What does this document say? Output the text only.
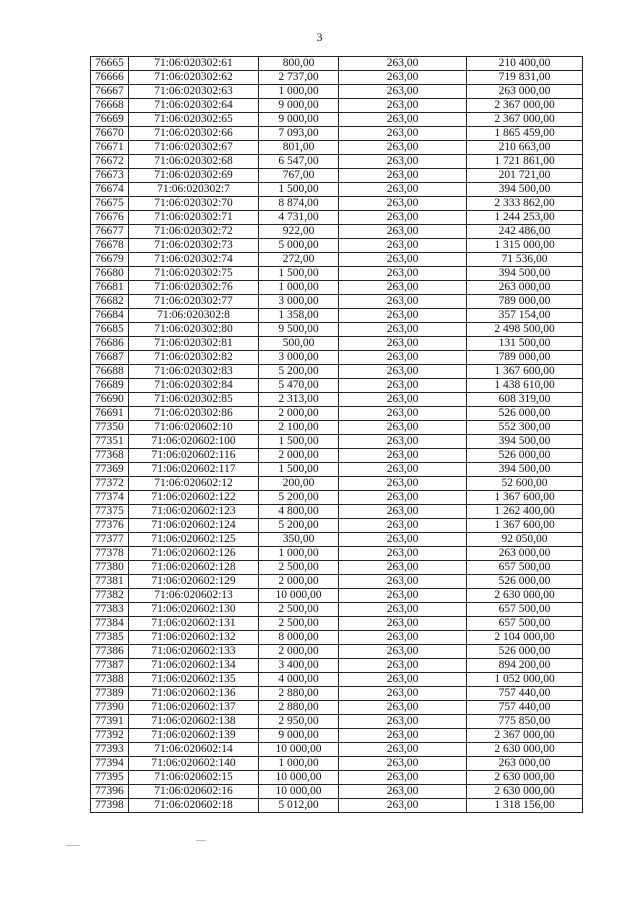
3
76665	71:06:020302:61	800,00	263,00	210 400,00
76666	71:06:020302:62	2 737,00	263,00	719 831,00
76667	71:06:020302:63	1 000,00	263,00	263 000,00
76668	71:06:020302:64	9 000,00	263,00	2 367 000,00
76669	71:06:020302:65	9 000,00	263,00	2 367 000,00
76670	71:06:020302:66	7 093,00	263,00	1 865 459,00
76671	71:06:020302:67	801,00	263,00	210 663,00
76672	71:06:020302:68	6 547,00	263,00	1 721 861,00
76673	71:06:020302:69	767,00	263,00	201 721,00
76674	71:06:020302:7	1 500,00	263,00	394 500,00
76675	71:06:020302:70	8 874,00	263,00	2 333 862,00
76676	71:06:020302:71	4 731,00	263,00	1 244 253,00
76677	71:06:020302:72	922,00	263,00	242 486,00
76678	71:06:020302:73	5 000,00	263,00	1 315 000,00
76679	71:06:020302:74	272,00	263,00	71 536,00
76680	71:06:020302:75	1 500,00	263,00	394 500,00
76681	71:06:020302:76	1 000,00	263,00	263 000,00
76682	71:06:020302:77	3 000,00	263,00	789 000,00
76684	71:06:020302:8	1 358,00	263,00	357 154,00
76685	71:06:020302:80	9 500,00	263,00	2 498 500,00
76686	71:06:020302:81	500,00	263,00	131 500,00
76687	71:06:020302:82	3 000,00	263,00	789 000,00
76688	71:06:020302:83	5 200,00	263,00	1 367 600,00
76689	71:06:020302:84	5 470,00	263,00	1 438 610,00
76690	71:06:020302:85	2 313,00	263,00	608 319,00
76691	71:06:020302:86	2 000,00	263,00	526 000,00
77350	71:06:020602:10	2 100,00	263,00	552 300,00
77351	71:06:020602:100	1 500,00	263,00	394 500,00
77368	71:06:020602:116	2 000,00	263,00	526 000,00
77369	71:06:020602:117	1 500,00	263,00	394 500,00
77372	71:06:020602:12	200,00	263,00	52 600,00
77374	71:06:020602:122	5 200,00	263,00	1 367 600,00
77375	71:06:020602:123	4 800,00	263,00	1 262 400,00
77376	71:06:020602:124	5 200,00	263,00	1 367 600,00
77377	71:06:020602:125	350,00	263,00	92 050,00
77378	71:06:020602:126	1 000,00	263,00	263 000,00
77380	71:06:020602:128	2 500,00	263,00	657 500,00
77381	71:06:020602:129	2 000,00	263,00	526 000,00
77382	71:06:020602:13	10 000,00	263,00	2 630 000,00
77383	71:06:020602:130	2 500,00	263,00	657 500,00
77384	71:06:020602:131	2 500,00	263,00	657 500,00
77385	71:06:020602:132	8 000,00	263,00	2 104 000,00
77386	71:06:020602:133	2 000,00	263,00	526 000,00
77387	71:06:020602:134	3 400,00	263,00	894 200,00
77388	71:06:020602:135	4 000,00	263,00	1 052 000,00
77389	71:06:020602:136	2 880,00	263,00	757 440,00
77390	71:06:020602:137	2 880,00	263,00	757 440,00
77391	71:06:020602:138	2 950,00	263,00	775 850,00
77392	71:06:020602:139	9 000,00	263,00	2 367 000,00
77393	71:06:020602:14	10 000,00	263,00	2 630 000,00
77394	71:06:020602:140	1 000,00	263,00	263 000,00
77395	71:06:020602:15	10 000,00	263,00	2 630 000,00
77396	71:06:020602:16	10 000,00	263,00	2 630 000,00
77398	71:06:020602:18	5 012,00	263,00	1 318 156,00
